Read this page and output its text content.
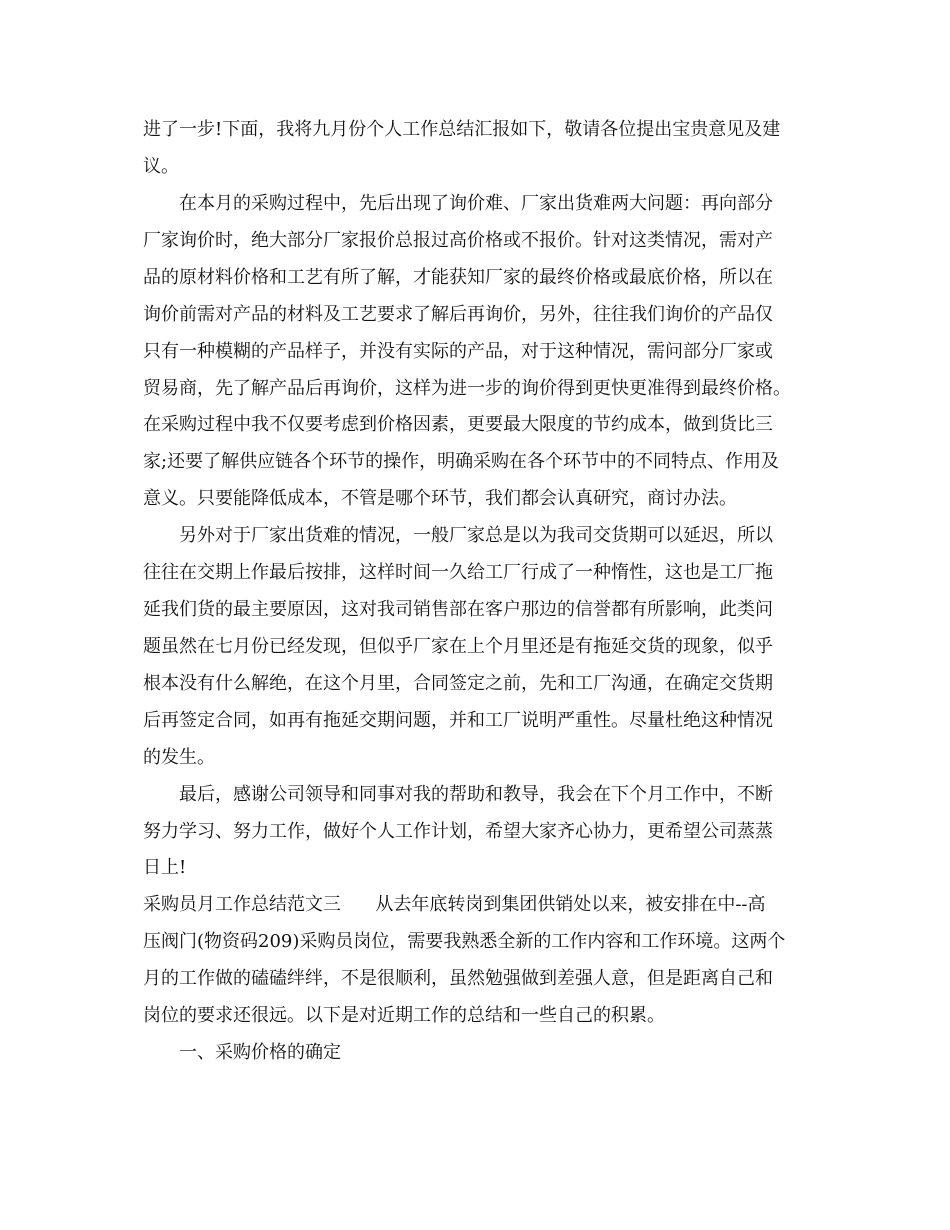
进了一步!下面，我将九月份个人工作总结汇报如下，敬请各位提出宝贵意见及建
议。
在本月的采购过程中，先后出现了询价难、厂家出货难两大问题：再向部分
厂家询价时，绝大部分厂家报价总报过高价格或不报价。针对这类情况，需对产
品的原材料价格和工艺有所了解，才能获知厂家的最终价格或最底价格，所以在
询价前需对产品的材料及工艺要求了解后再询价，另外，往往我们询价的产品仅
只有一种模糊的产品样子，并没有实际的产品，对于这种情况，需问部分厂家或
贸易商，先了解产品后再询价，这样为进一步的询价得到更快更准得到最终价格。
在采购过程中我不仅要考虑到价格因素，更要最大限度的节约成本，做到货比三
家;还要了解供应链各个环节的操作，明确采购在各个环节中的不同特点、作用及
意义。只要能降低成本，不管是哪个环节，我们都会认真研究，商讨办法。
另外对于厂家出货难的情况，一般厂家总是以为我司交货期可以延迟，所以
往往在交期上作最后按排，这样时间一久给工厂行成了一种惰性，这也是工厂拖
延我们货的最主要原因，这对我司销售部在客户那边的信誉都有所影响，此类问
题虽然在七月份已经发现，但似乎厂家在上个月里还是有拖延交货的现象，似乎
根本没有什么解绝，在这个月里，合同签定之前，先和工厂沟通，在确定交货期
后再签定合同，如再有拖延交期问题，并和工厂说明严重性。尽量杜绝这种情况
的发生。
最后，感谢公司领导和同事对我的帮助和教导，我会在下个月工作中，不断
努力学习、努力工作，做好个人工作计划，希望大家齐心协力，更希望公司蒸蒸
日上!
采购员月工作总结范文三      从去年底转岗到集团供销处以来，被安排在中--高
压阀门(物资码209)采购员岗位，需要我熟悉全新的工作内容和工作环境。这两个
月的工作做的磕磕绊绊，不是很顺利，虽然勉强做到差强人意，但是距离自己和
岗位的要求还很远。以下是对近期工作的总结和一些自己的积累。
一、采购价格的确定
